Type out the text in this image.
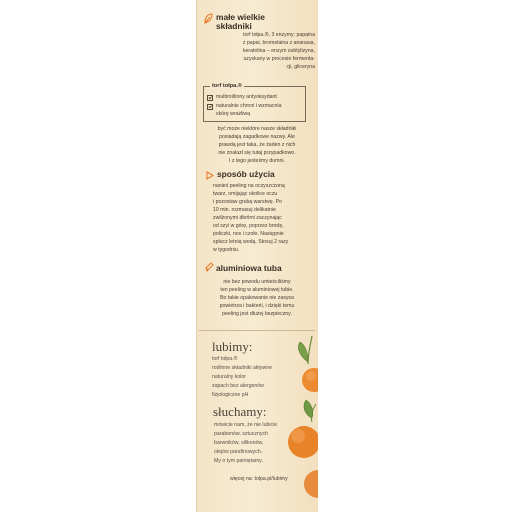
małe wielkie
składniki
torf tołpa.®, 3 enzymy: papaina
z papai, bromelaina z ananasa,
keratolina – enzym subtylizyna,
uzyskany w procesie fermenta-
cji, gliceryna
torf tołpa.®
multiroślinny antyoksydant
naturalnie chroni i wzmacnia
skórę wrażliwą
być może niektóre nasze składniki
posiadają zagadkowe nazwy. Ale
prawdą jest taka, że żaden z nich
nie znalazł się tutaj przypadkowo.
I z tego jesteśmy dumni.
sposób użycia
nanieś peeling na oczyszczoną
twarz, omijając okolice oczu
i pozostaw grubą warstwę. Po
10 min. rozmasuj delikatnie
zwilżonymi dłońmi zaczynając
od szyi w górę, poprzez brodę,
policzki, nos i czoło. Następnie
spłucz letnią wodą. Stosuj 2 razy
w tygodniu.
aluminiowa tuba
nie bez powodu umieściliśmy
ten peeling w aluminiowej tubie.
Bo takie opakowanie nie zasysa
powietrza i bakterii, i dzięki temu
peeling jest dłużej bezpieczny.
lubimy:
torf tołpa.®
roślinne składniki aktywne
naturalny kolor
zapach bez alergenów
fizjologiczne pH
słuchamy:
mówicie nam, że nie lubicie
parabenów, sztucznych
barwników, silikonów,
olejów parafinowych.
My o tym pamiętamy.
więcej na: tolpa.pl/lubimy
